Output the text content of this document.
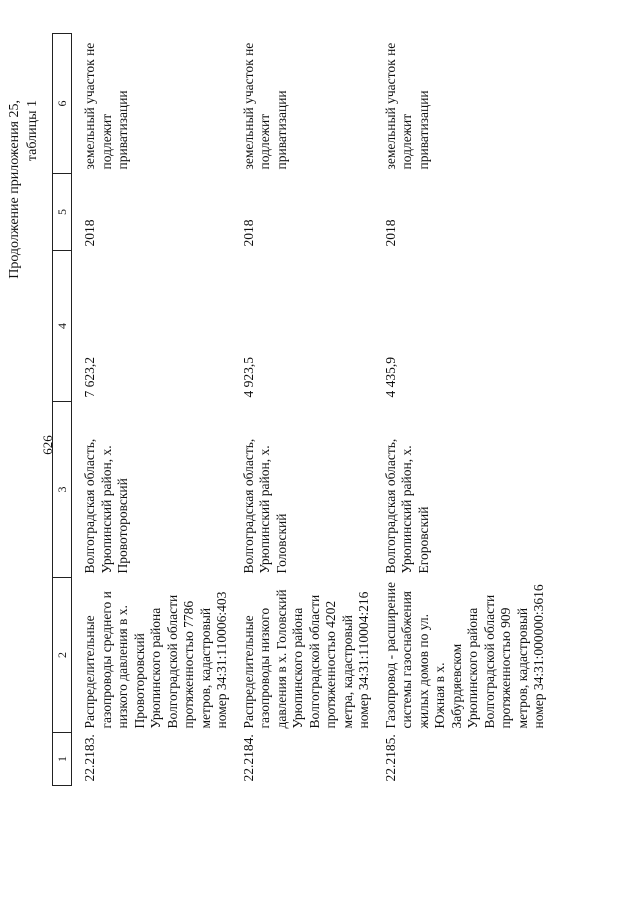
626
Продолжение приложения 25, таблицы 1
1	2	3	4	5	6
22.2183.	Распределительные газопроводы среднего и низкого давления в х. Провоторовский Урюпинского района Волгоградской области протяженностью 7786 метров, кадастровый номер 34:31:110006:403	Волгоградская область, Урюпинский район, х. Провоторовский	7 623,2	2018	земельный участок не подлежит приватизации
22.2184.	Распределительные газопроводы низкого давления в х. Головский Урюпинского района Волгоградской области протяженностью 4202 метра, кадастровый номер 34:31:110004:216	Волгоградская область, Урюпинский район, х. Головский	4 923,5	2018	земельный участок не подлежит приватизации
22.2185.	Газопровод - расширение системы газоснабжения жилых домов по ул. Южная в х. Забурдяевском Урюпинского района Волгоградской области протяженностью 909 метров, кадастровый номер 34:31:000000:3616	Волгоградская область, Урюпинский район, х. Егоровский	4 435,9	2018	земельный участок не подлежит приватизации
